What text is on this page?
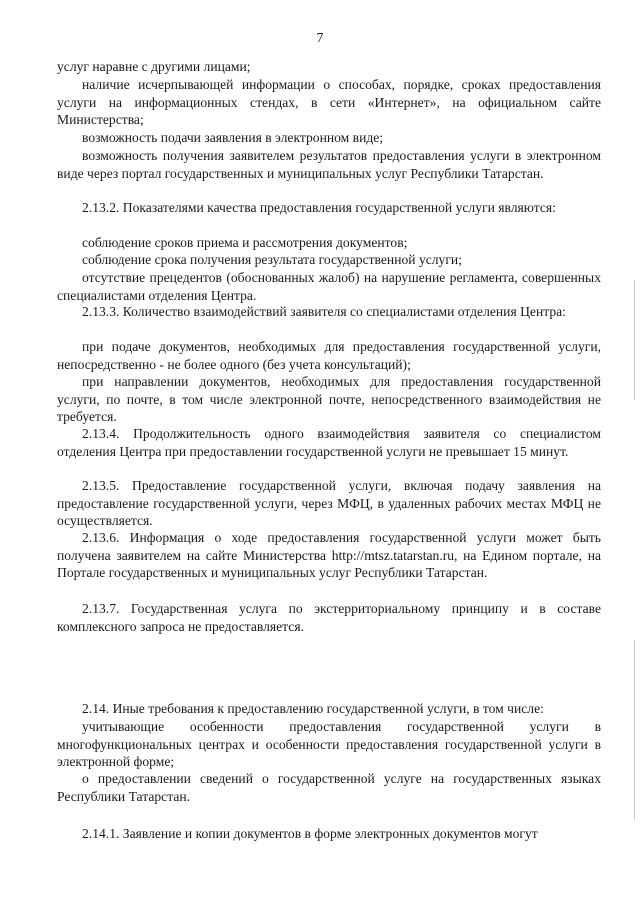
7

услуг наравне с другими лицами;

наличие исчерпывающей информации о способах, порядке, сроках предоставления услуги на информационных стендах, в сети «Интернет», на официальном сайте Министерства;

возможность подачи заявления в электронном виде;

возможность получения заявителем результатов предоставления услуги в электронном виде через портал государственных и муниципальных услуг Республики Татарстан.

2.13.2. Показателями качества предоставления государственной услуги являются:

соблюдение сроков приема и рассмотрения документов;

соблюдение срока получения результата государственной услуги;

отсутствие прецедентов (обоснованных жалоб) на нарушение регламента, совершенных специалистами отделения Центра.

2.13.3. Количество взаимодействий заявителя со специалистами отделения Центра:

при подаче документов, необходимых для предоставления государственной услуги, непосредственно - не более одного (без учета консультаций);

при направлении документов, необходимых для предоставления государственной услуги, по почте, в том числе электронной почте, непосредственного взаимодействия не требуется.

2.13.4. Продолжительность одного взаимодействия заявителя со специалистом отделения Центра при предоставлении государственной услуги не превышает 15 минут.

2.13.5. Предоставление государственной услуги, включая подачу заявления на предоставление государственной услуги, через МФЦ, в удаленных рабочих местах МФЦ не осуществляется.

2.13.6. Информация о ходе предоставления государственной услуги может быть получена заявителем на сайте Министерства http://mtsz.tatarstan.ru, на Едином портале, на Портале государственных и муниципальных услуг Республики Татарстан.

2.13.7. Государственная услуга по экстерриториальному принципу и в составе комплексного запроса не предоставляется.

2.14. Иные требования к предоставлению государственной услуги, в том числе:

учитывающие особенности предоставления государственной услуги в многофункциональных центрах и особенности предоставления государственной услуги в электронной форме;

о предоставлении сведений о государственной услуге на государственных языках Республики Татарстан.

2.14.1. Заявление и копии документов в форме электронных документов могут
